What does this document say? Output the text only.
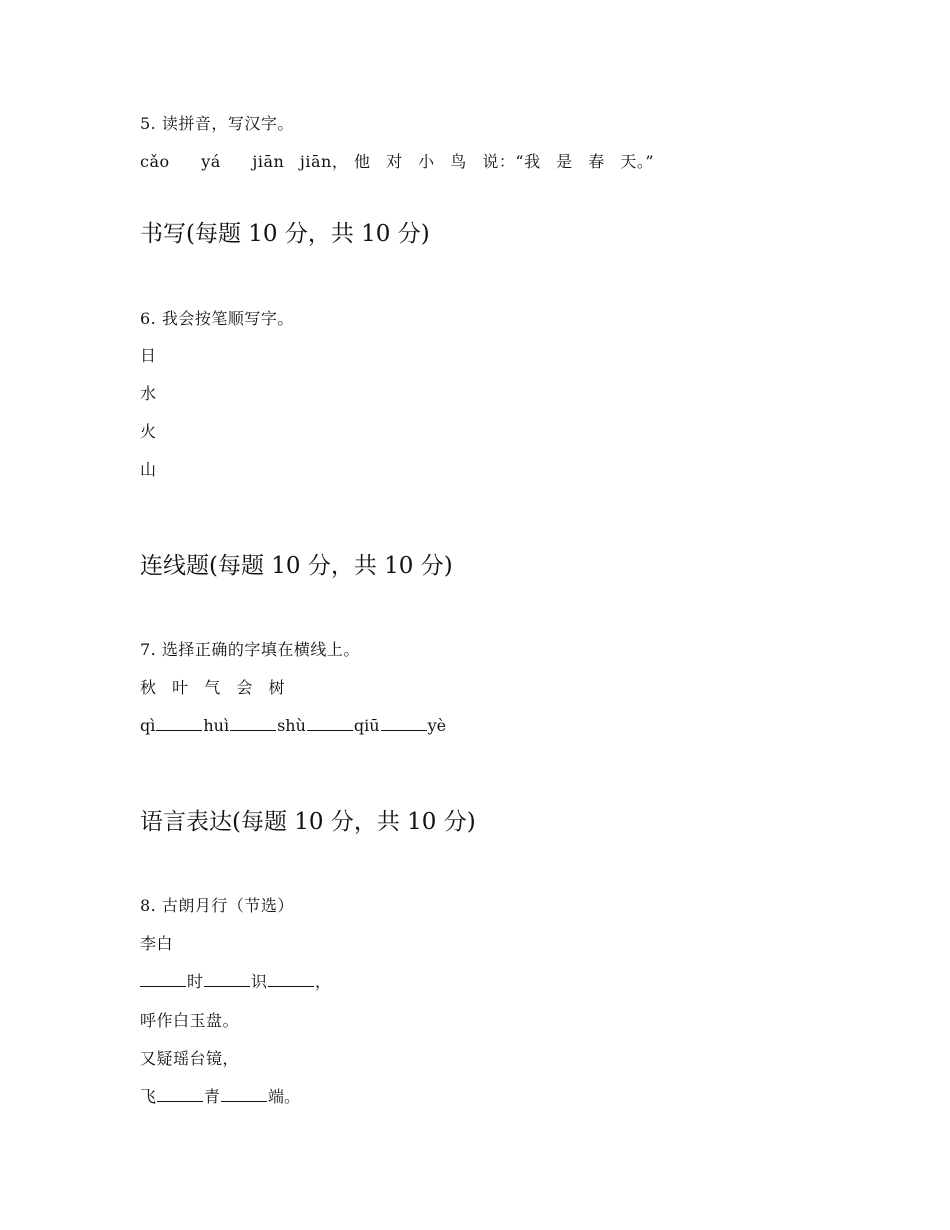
5. 读拼音，写汉字。
cǎo yá jiān jiān， 他 对 小 鸟 说：“我 是 春 天。”
书写(每题 10 分，共 10 分)
6. 我会按笔顺写字。
日
水
火
山
连线题(每题 10 分，共 10 分)
7. 选择正确的字填在横线上。
秋 叶 气 会 树
qì	huì	shù	qiū	yè
语言表达(每题 10 分，共 10 分)
8. 古朗月行（节选）
李白
时	识	，
呼作白玉盘。
又疑瑶台镜，
飞	青	端。
